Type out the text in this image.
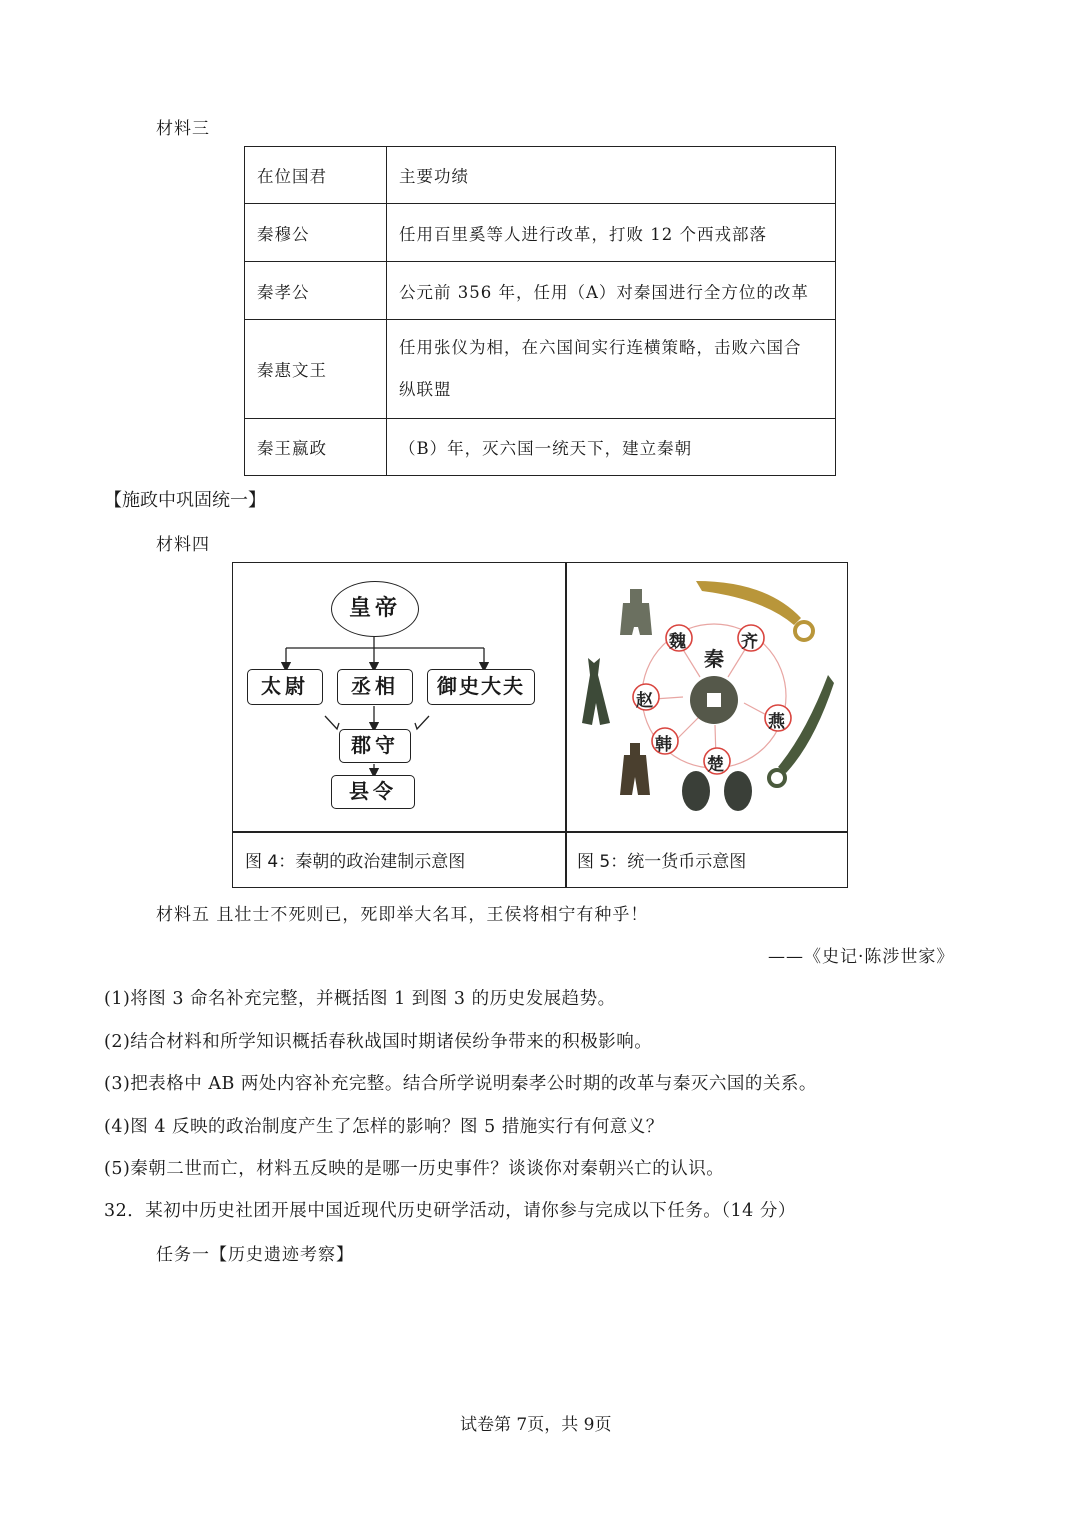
材料三
在位国君	主要功绩
秦穆公	任用百里奚等人进行改革，打败 12 个西戎部落
秦孝公	公元前 356 年，任用（A）对秦国进行全方位的改革
秦惠文王	任用张仪为相，在六国间实行连横策略，击败六国合
纵联盟

秦王嬴政	（B）年，灭六国一统天下，建立秦朝
【施政中巩固统一】
材料四
皇帝
太尉	丞相	御史大夫
郡守
县令
图 4：秦朝的政治建制示意图
秦
魏	齐
燕
楚
韩
赵
图 5：统一货币示意图
材料五 且壮士不死则已，死即举大名耳，王侯将相宁有种乎！
——《史记·陈涉世家》
(1)将图 3 命名补充完整，并概括图 1 到图 3 的历史发展趋势。
(2)结合材料和所学知识概括春秋战国时期诸侯纷争带来的积极影响。
(3)把表格中 AB 两处内容补充完整。结合所学说明秦孝公时期的改革与秦灭六国的关系。
(4)图 4 反映的政治制度产生了怎样的影响？图 5 措施实行有何意义？
(5)秦朝二世而亡，材料五反映的是哪一历史事件？谈谈你对秦朝兴亡的认识。
32．某初中历史社团开展中国近现代历史研学活动，请你参与完成以下任务。（14 分）
任务一【历史遗迹考察】
试卷第 7页，共 9页
